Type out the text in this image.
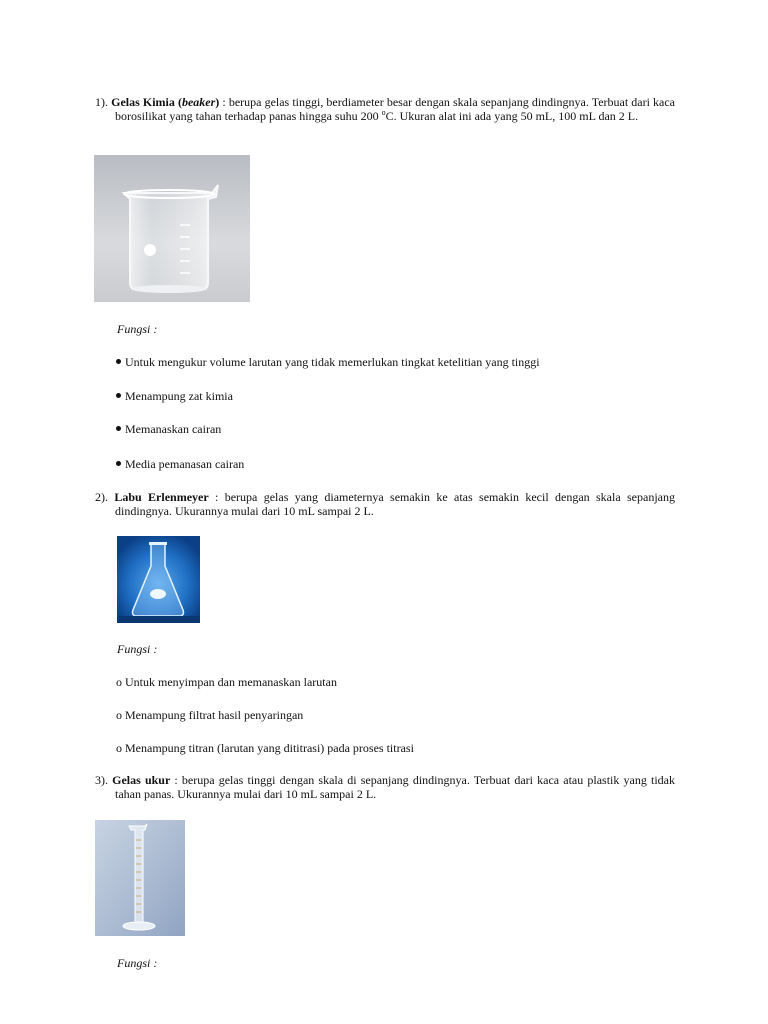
1). Gelas Kimia (beaker) : berupa gelas tinggi, berdiameter besar dengan skala sepanjang dindingnya. Terbuat dari kaca borosilikat yang tahan terhadap panas hingga suhu 200 $^o$C. Ukuran alat ini ada yang 50 mL, 100 mL dan 2 L.

Fungsi :
Untuk mengukur volume larutan yang tidak memerlukan tingkat ketelitian yang tinggi
Menampung zat kimia
Memanaskan cairan
Media pemanasan cairan

2). Labu Erlenmeyer : berupa gelas yang diameternya semakin ke atas semakin kecil dengan skala sepanjang dindingnya. Ukurannya mulai dari 10 mL sampai 2 L.

Fungsi :
o Untuk menyimpan dan memanaskan larutan
o Menampung filtrat hasil penyaringan
o Menampung titran (larutan yang dititrasi) pada proses titrasi

3). Gelas ukur : berupa gelas tinggi dengan skala di sepanjang dindingnya. Terbuat dari kaca atau plastik yang tidak tahan panas. Ukurannya mulai dari 10 mL sampai 2 L.

Fungsi :
